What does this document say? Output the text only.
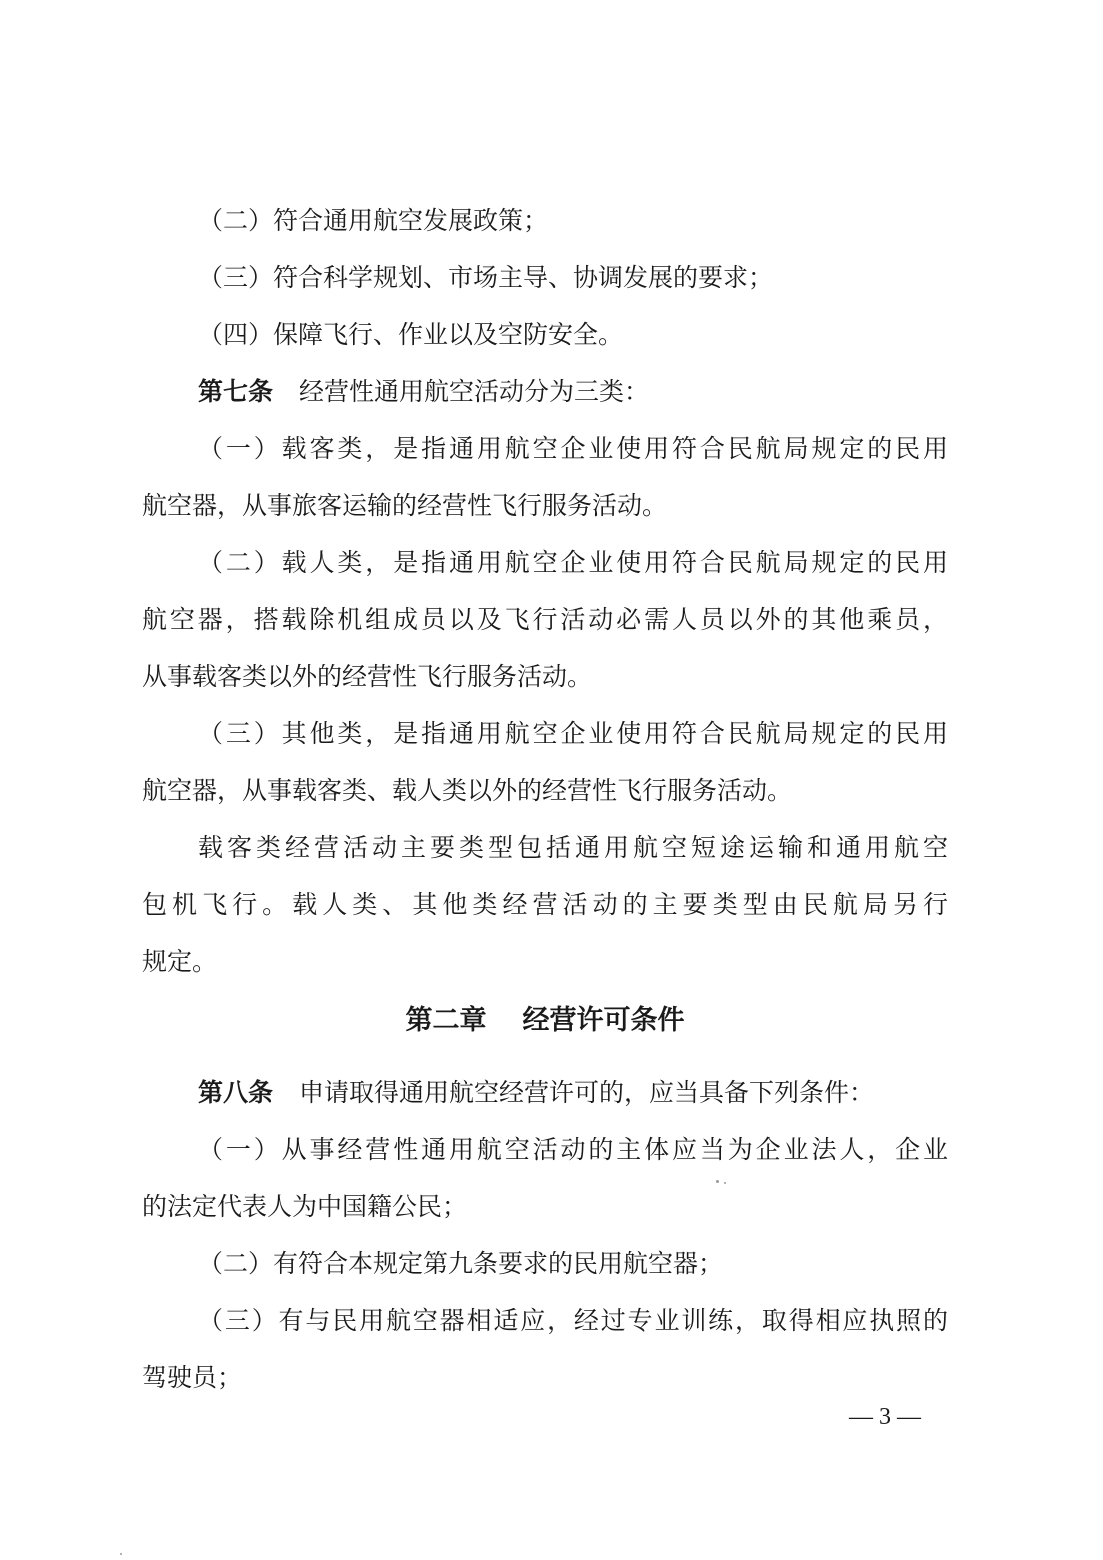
（二）符合通用航空发展政策；
（三）符合科学规划、市场主导、协调发展的要求；
（四）保障飞行、作业以及空防安全。
第七条 经营性通用航空活动分为三类：
（一）载客类，是指通用航空企业使用符合民航局规定的民用
航空器，从事旅客运输的经营性飞行服务活动。
（二）载人类，是指通用航空企业使用符合民航局规定的民用
航空器，搭载除机组成员以及飞行活动必需人员以外的其他乘员，
从事载客类以外的经营性飞行服务活动。
（三）其他类，是指通用航空企业使用符合民航局规定的民用
航空器，从事载客类、载人类以外的经营性飞行服务活动。
载客类经营活动主要类型包括通用航空短途运输和通用航空
包机飞行。载人类、其他类经营活动的主要类型由民航局另行
规定。
第二章 经营许可条件
第八条 申请取得通用航空经营许可的，应当具备下列条件：
（一）从事经营性通用航空活动的主体应当为企业法人，企业
的法定代表人为中国籍公民；
（二）有符合本规定第九条要求的民用航空器；
（三）有与民用航空器相适应，经过专业训练，取得相应执照的
驾驶员；
— 3 —
